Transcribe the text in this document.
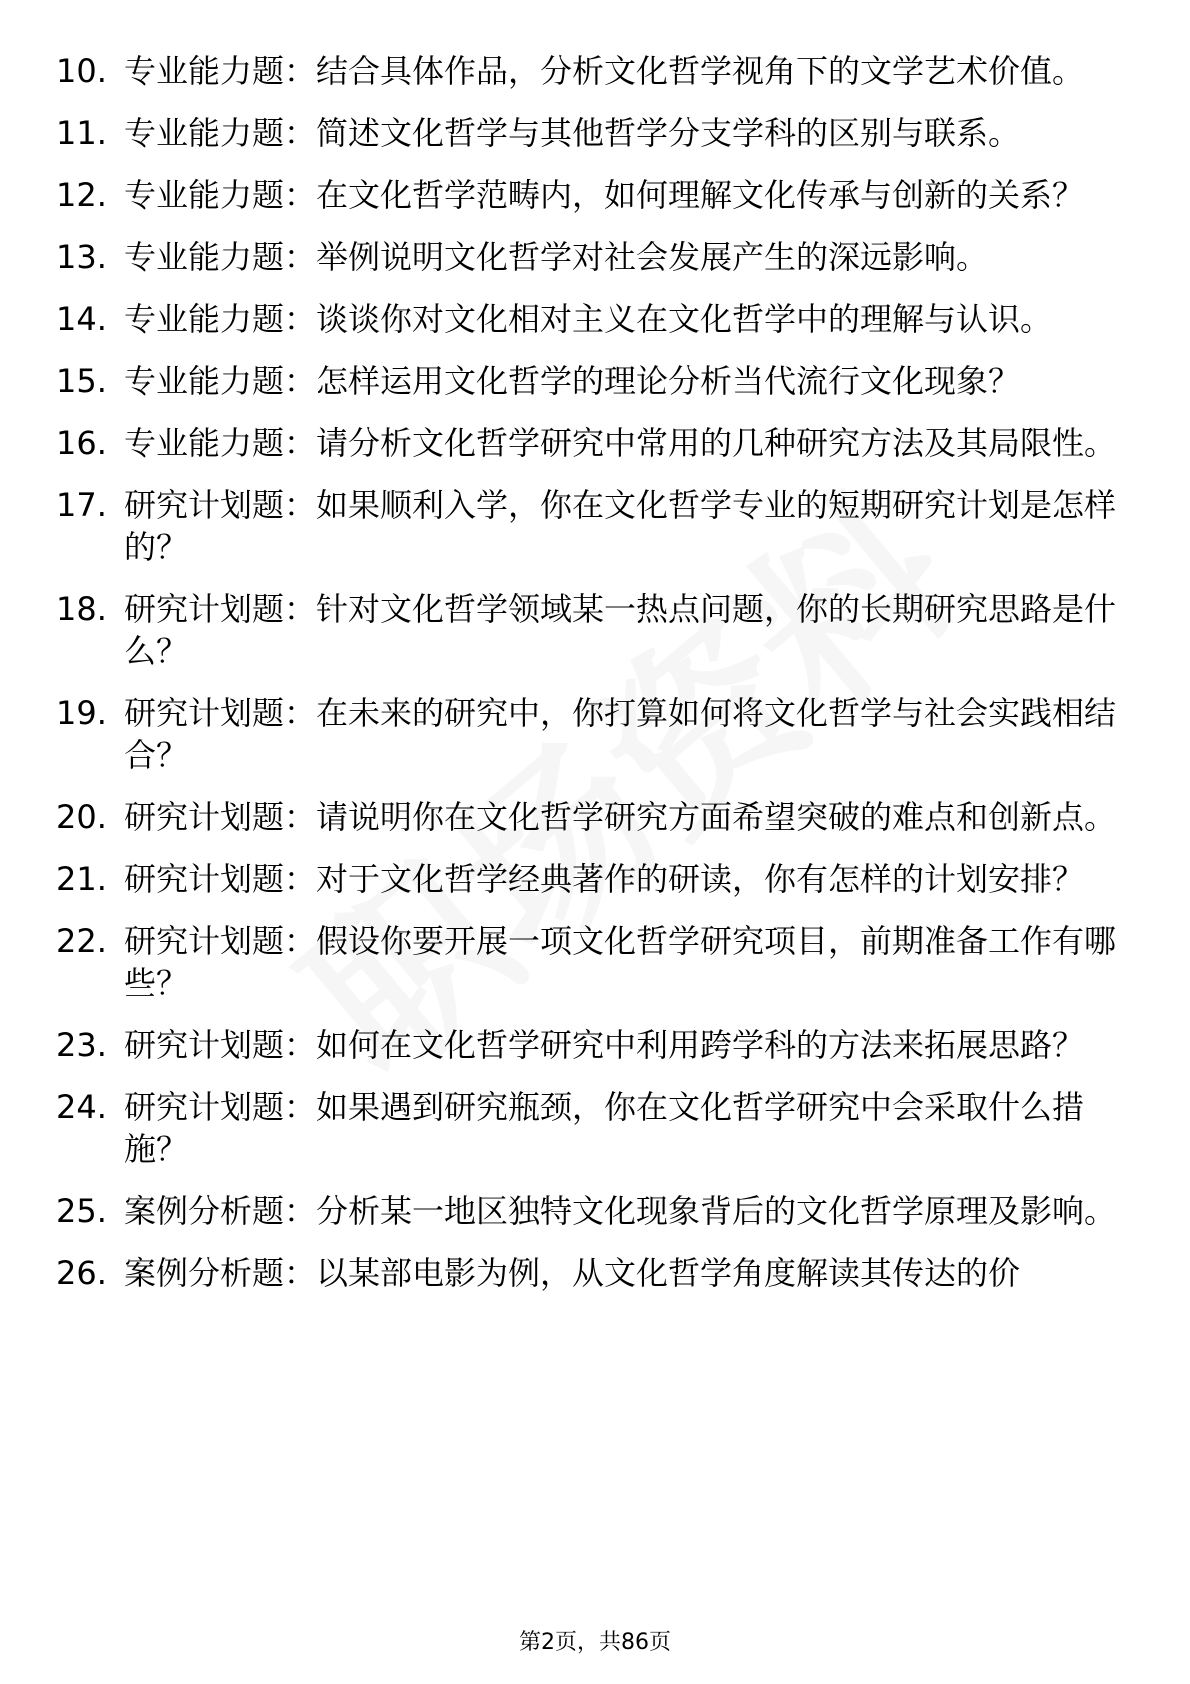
10. 专业能力题：结合具体作品，分析文化哲学视角下的文学艺术价值。
11. 专业能力题：简述文化哲学与其他哲学分支学科的区别与联系。
12. 专业能力题：在文化哲学范畴内，如何理解文化传承与创新的关系？
13. 专业能力题：举例说明文化哲学对社会发展产生的深远影响。
14. 专业能力题：谈谈你对文化相对主义在文化哲学中的理解与认识。
15. 专业能力题：怎样运用文化哲学的理论分析当代流行文化现象？
16. 专业能力题：请分析文化哲学研究中常用的几种研究方法及其局限性。
17. 研究计划题：如果顺利入学，你在文化哲学专业的短期研究计划是怎样的？
18. 研究计划题：针对文化哲学领域某一热点问题，你的长期研究思路是什么？
19. 研究计划题：在未来的研究中，你打算如何将文化哲学与社会实践相结合？
20. 研究计划题：请说明你在文化哲学研究方面希望突破的难点和创新点。
21. 研究计划题：对于文化哲学经典著作的研读，你有怎样的计划安排？
22. 研究计划题：假设你要开展一项文化哲学研究项目，前期准备工作有哪些？
23. 研究计划题：如何在文化哲学研究中利用跨学科的方法来拓展思路？
24. 研究计划题：如果遇到研究瓶颈，你在文化哲学研究中会采取什么措施？
25. 案例分析题：分析某一地区独特文化现象背后的文化哲学原理及影响。
26. 案例分析题：以某部电影为例，从文化哲学角度解读其传达的价
第2页，共86页
